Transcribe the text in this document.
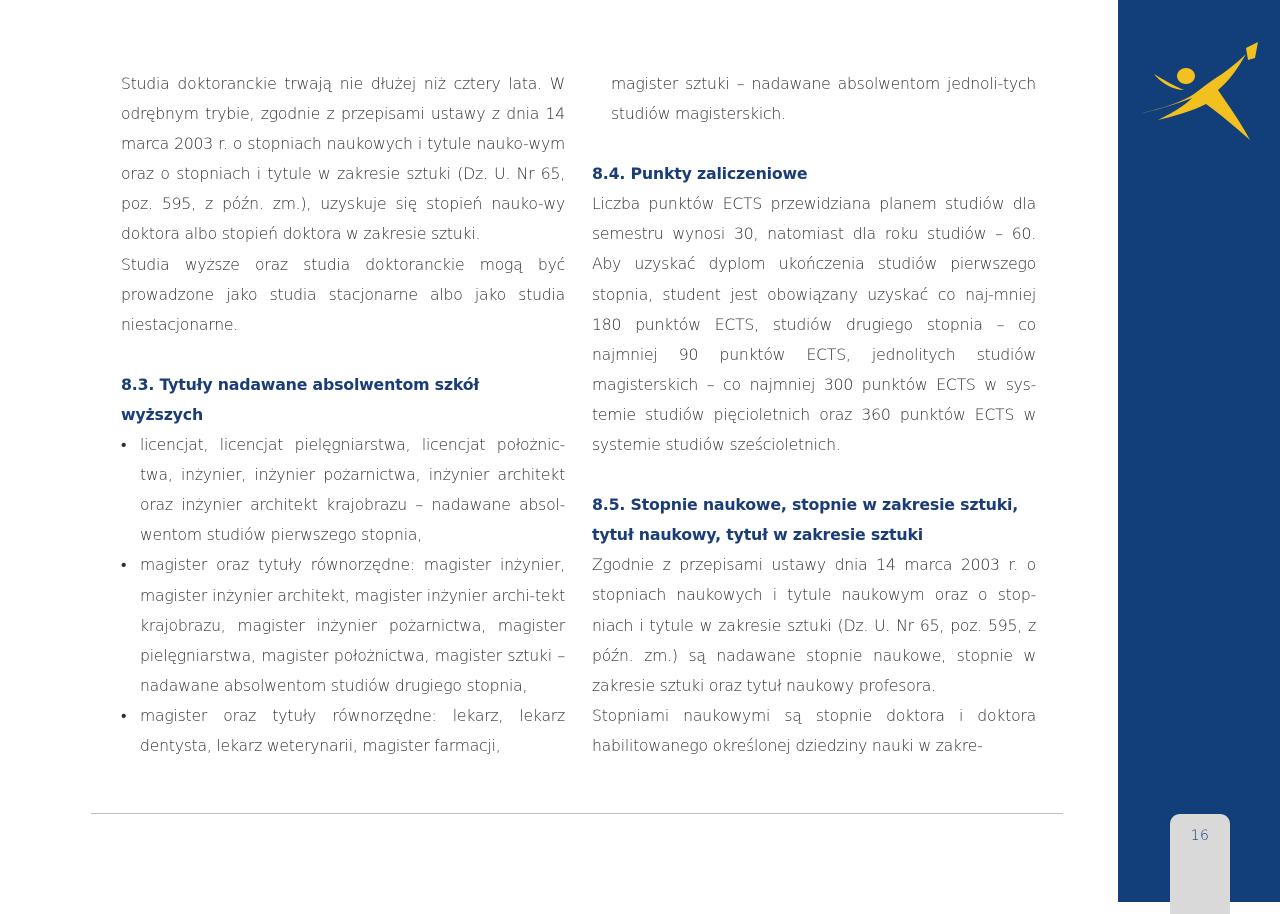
Studia doktoranckie trwają nie dłużej niż cztery lata. W odrębnym trybie, zgodnie z przepisami ustawy z dnia 14 marca 2003 r. o stopniach naukowych i tytule nauko-wym oraz o stopniach i tytule w zakresie sztuki (Dz. U. Nr 65, poz. 595, z późn. zm.), uzyskuje się stopień nauko-wy doktora albo stopień doktora w zakresie sztuki.

Studia wyższe oraz studia doktoranckie mogą być prowadzone jako studia stacjonarne albo jako studia niestacjonarne.

8.3. Tytuły nadawane absolwentom szkół wyższych

• licencjat, licencjat pielęgniarstwa, licencjat położnic-twa, inżynier, inżynier pożarnictwa, inżynier architekt oraz inżynier architekt krajobrazu – nadawane absol-wentom studiów pierwszego stopnia,
• magister oraz tytuły równorzędne: magister inżynier, magister inżynier architekt, magister inżynier archi-tekt krajobrazu, magister inżynier pożarnictwa, magister pielęgniarstwa, magister położnictwa, magister sztuki – nadawane absolwentom studiów drugiego stopnia,
• magister oraz tytuły równorzędne: lekarz, lekarz dentysta, lekarz weterynarii, magister farmacji,

magister sztuki – nadawane absolwentom jednoli-tych studiów magisterskich.

8.4. Punkty zaliczeniowe

Liczba punktów ECTS przewidziana planem studiów dla semestru wynosi 30, natomiast dla roku studiów – 60. Aby uzyskać dyplom ukończenia studiów pierwszego stopnia, student jest obowiązany uzyskać co naj-mniej 180 punktów ECTS, studiów drugiego stopnia – co najmniej 90 punktów ECTS, jednolitych studiów magisterskich – co najmniej 300 punktów ECTS w sys-temie studiów pięcioletnich oraz 360 punktów ECTS w systemie studiów sześcioletnich.

8.5. Stopnie naukowe, stopnie w zakresie sztuki, tytuł naukowy, tytuł w zakresie sztuki

Zgodnie z przepisami ustawy dnia 14 marca 2003 r. o stopniach naukowych i tytule naukowym oraz o stop-niach i tytule w zakresie sztuki (Dz. U. Nr 65, poz. 595, z późn. zm.) są nadawane stopnie naukowe, stopnie w zakresie sztuki oraz tytuł naukowy profesora.

Stopniami naukowymi są stopnie doktora i doktora habilitowanego określonej dziedziny nauki w zakre-

16
